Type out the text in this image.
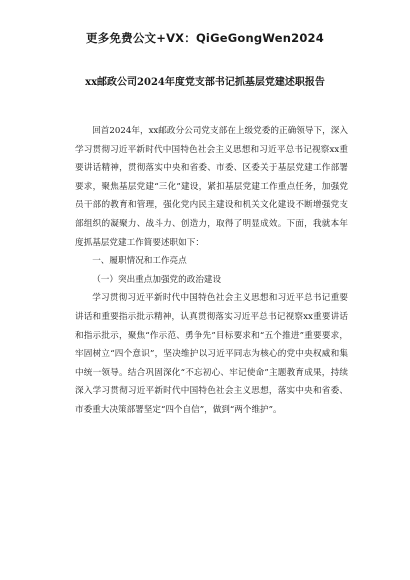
更多免费公文+VX：QiGeGongWen2024
xx邮政公司2024年度党支部书记抓基层党建述职报告

回首2024年，xx邮政分公司党支部在上级党委的正确领导下，深入学习贯彻习近平新时代中国特色社会主义思想和习近平总书记视察xx重要讲话精神，贯彻落实中央和省委、市委、区委关于基层党建工作部署要求，聚焦基层党建“三化”建设，紧扣基层党建工作重点任务，加强党员干部的教育和管理，强化党内民主建设和机关文化建设不断增强党支部组织的凝聚力、战斗力、创造力，取得了明显成效。下面，我就本年度抓基层党建工作简要述职如下：

一、履职情况和工作亮点

（一）突出重点加强党的政治建设

学习贯彻习近平新时代中国特色社会主义思想和习近平总书记重要讲话和重要指示批示精神，认真贯彻落实习近平总书记视察xx重要讲话和指示批示，聚焦“作示范、勇争先”目标要求和“五个推进”重要要求，牢固树立“四个意识”，坚决维护以习近平同志为核心的党中央权威和集中统一领导。结合巩固深化“不忘初心、牢记使命”主题教育成果，持续深入学习贯彻习近平新时代中国特色社会主义思想，落实中央和省委、市委重大决策部署坚定“四个自信”，做到“两个维护”。
